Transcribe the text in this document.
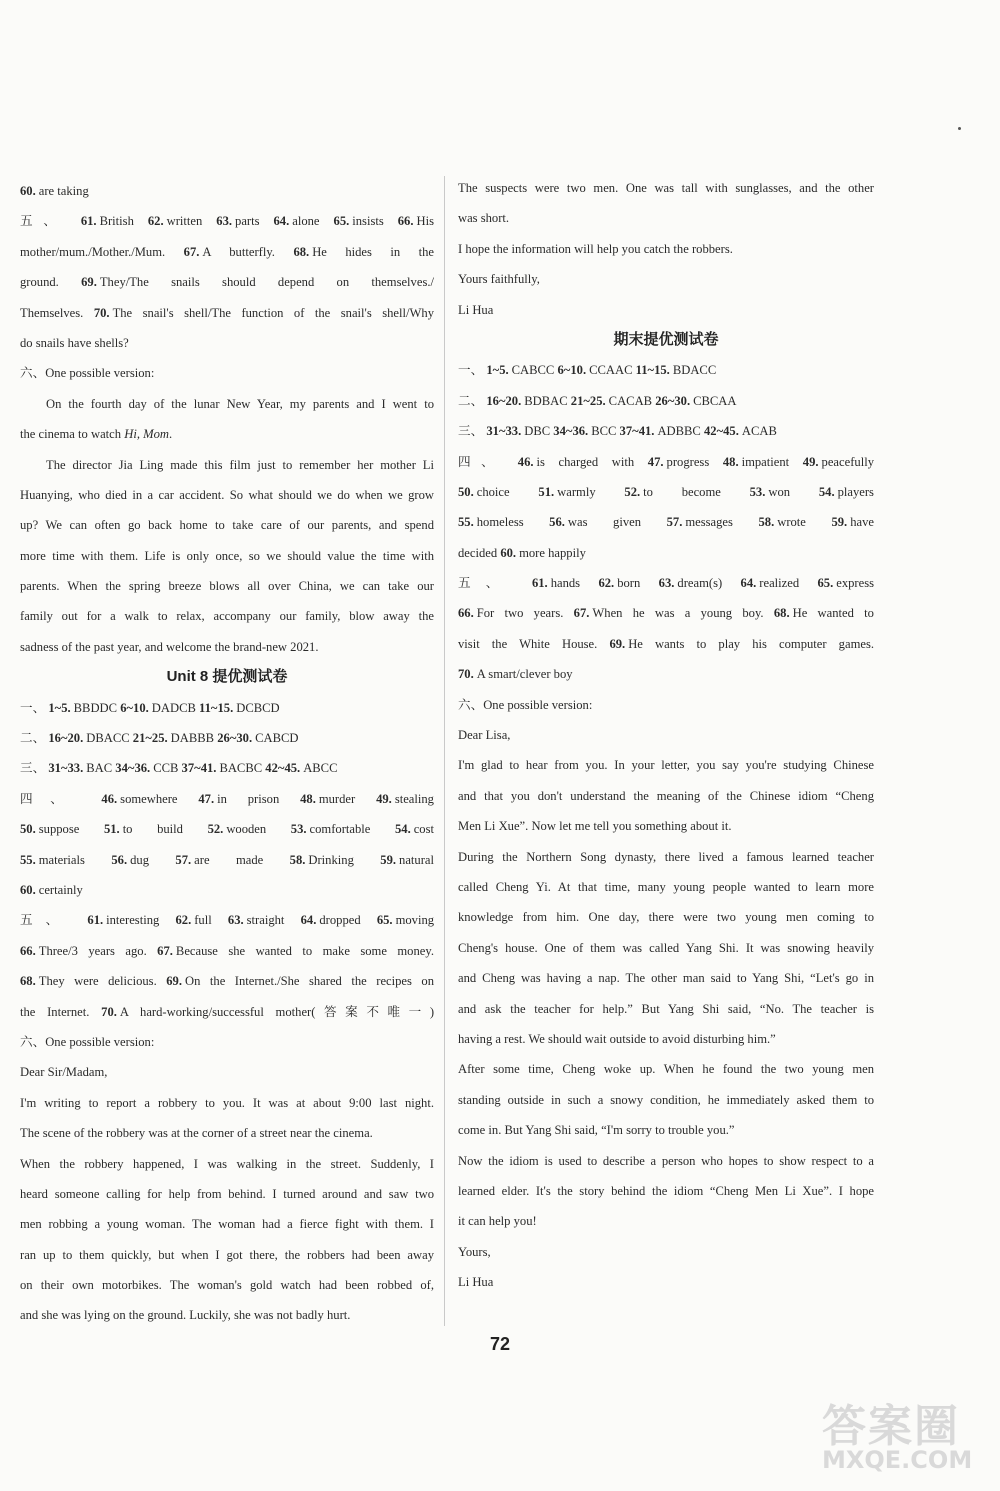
60. are taking
五、 61. British 62. written 63. parts 64. alone 65. insists 66. His
mother/mum./Mother./Mum. 67. A butterfly. 68. He hides in the
ground. 69. They/The snails should depend on themselves./
Themselves. 70. The snail's shell/The function of the snail's shell/Why
do snails have shells?
六、One possible version:
On the fourth day of the lunar New Year, my parents and I went to
the cinema to watch Hi, Mom.
The director Jia Ling made this film just to remember her mother Li
Huanying, who died in a car accident. So what should we do when we grow
up? We can often go back home to take care of our parents, and spend
more time with them. Life is only once, so we should value the time with
parents. When the spring breeze blows all over China, we can take our
family out for a walk to relax, accompany our family, blow away the
sadness of the past year, and welcome the brand-new 2021.
Unit 8 提优测试卷
一、 1~5. BBDDC 6~10. DADCB 11~15. DCBCD
二、 16~20. DBACC 21~25. DABBB 26~30. CABCD
三、 31~33. BAC 34~36. CCB 37~41. BACBC 42~45. ABCC
四、 46. somewhere 47. in prison 48. murder 49. stealing
50. suppose 51. to build 52. wooden 53. comfortable 54. cost
55. materials 56. dug 57. are made 58. Drinking 59. natural
60. certainly
五、 61. interesting 62. full 63. straight 64. dropped 65. moving
66. Three/3 years ago. 67. Because she wanted to make some money.
68. They were delicious. 69. On the Internet./She shared the recipes on
the Internet. 70. A hard-working/successful mother(答案不唯一)
六、One possible version:
Dear Sir/Madam,
I'm writing to report a robbery to you. It was at about 9:00 last night.
The scene of the robbery was at the corner of a street near the cinema.
When the robbery happened, I was walking in the street. Suddenly, I
heard someone calling for help from behind. I turned around and saw two
men robbing a young woman. The woman had a fierce fight with them. I
ran up to them quickly, but when I got there, the robbers had been away
on their own motorbikes. The woman's gold watch had been robbed of,
and she was lying on the ground. Luckily, she was not badly hurt.
The suspects were two men. One was tall with sunglasses, and the other
was short.
I hope the information will help you catch the robbers.
Yours faithfully,
Li Hua
期末提优测试卷
一、 1~5. CABCC 6~10. CCAAC 11~15. BDACC
二、 16~20. BDBAC 21~25. CACAB 26~30. CBCAA
三、 31~33. DBC 34~36. BCC 37~41. ADBBC 42~45. ACAB
四、 46. is charged with 47. progress 48. impatient 49. peacefully
50. choice 51. warmly 52. to become 53. won 54. players
55. homeless 56. was given 57. messages 58. wrote 59. have
decided 60. more happily
五、 61. hands 62. born 63. dream(s) 64. realized 65. express
66. For two years. 67. When he was a young boy. 68. He wanted to
visit the White House. 69. He wants to play his computer games.
70. A smart/clever boy
六、One possible version:
Dear Lisa,
I'm glad to hear from you. In your letter, you say you're studying Chinese
and that you don't understand the meaning of the Chinese idiom “Cheng
Men Li Xue”. Now let me tell you something about it.
During the Northern Song dynasty, there lived a famous learned teacher
called Cheng Yi. At that time, many young people wanted to learn more
knowledge from him. One day, there were two young men coming to
Cheng's house. One of them was called Yang Shi. It was snowing heavily
and Cheng was having a nap. The other man said to Yang Shi, “Let's go in
and ask the teacher for help.” But Yang Shi said, “No. The teacher is
having a rest. We should wait outside to avoid disturbing him.”
After some time, Cheng woke up. When he found the two young men
standing outside in such a snowy condition, he immediately asked them to
come in. But Yang Shi said, “I'm sorry to trouble you.”
Now the idiom is used to describe a person who hopes to show respect to a
learned elder. It's the story behind the idiom “Cheng Men Li Xue”. I hope
it can help you!
Yours,
Li Hua
72
答案圈
MXQE.COM
